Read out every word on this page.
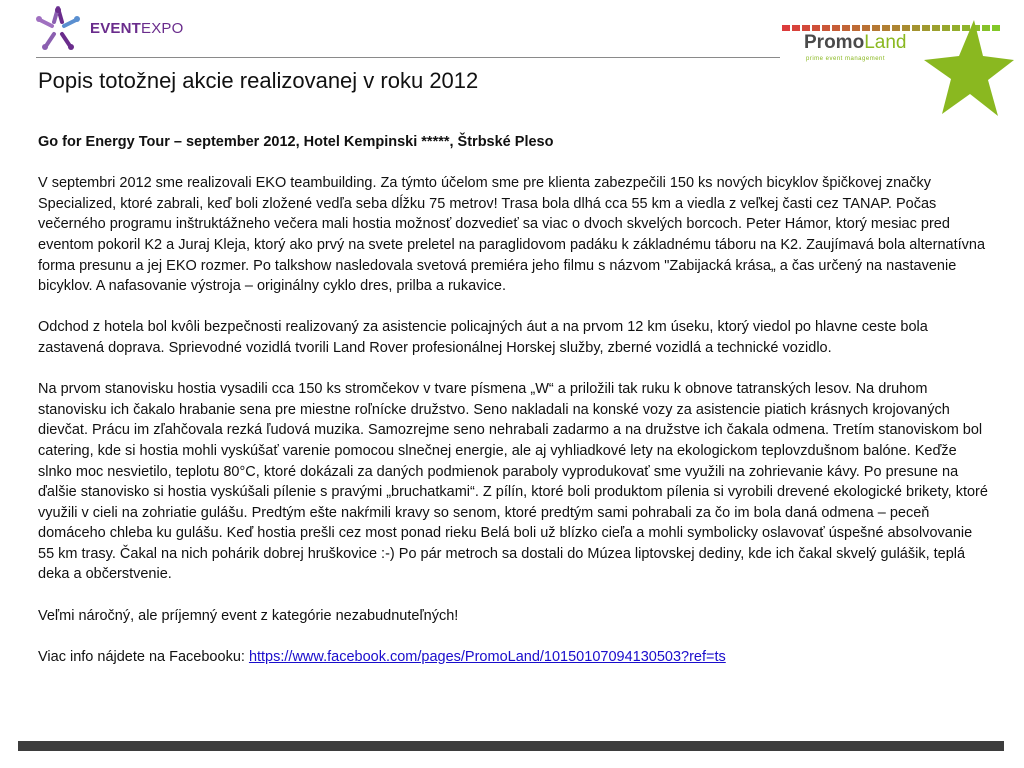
EVENTEXPO
PromoLand
prime event management
Popis totožnej akcie realizovanej v roku 2012

Go for Energy Tour – september 2012, Hotel Kempinski *****, Štrbské Pleso

V septembri 2012 sme realizovali EKO teambuilding. Za týmto účelom sme pre klienta zabezpečili 150 ks nových bicyklov špičkovej značky Specialized, ktoré zabrali, keď boli zložené vedľa seba dĺžku 75 metrov! Trasa bola dlhá cca 55 km a viedla z veľkej časti cez TANAP. Počas večerného programu inštruktážneho večera mali hostia možnosť dozvedieť sa viac o dvoch skvelých borcoch. Peter Hámor, ktorý mesiac pred eventom pokoril K2 a Juraj Kleja, ktorý ako prvý na svete preletel na paraglidovom padáku k základnému táboru na K2. Zaujímavá bola alternatívna forma presunu a jej EKO rozmer. Po talkshow nasledovala svetová premiéra jeho filmu s názvom "Zabijacká krása„ a čas určený na nastavenie bicyklov. A nafasovanie výstroja – originálny cyklo dres, prilba a rukavice.

Odchod z hotela bol kvôli bezpečnosti realizovaný za asistencie policajných áut a na prvom 12 km úseku, ktorý viedol po hlavne ceste bola zastavená doprava. Sprievodné vozidlá tvorili Land Rover profesionálnej Horskej služby, zberné vozidlá a technické vozidlo.

Na prvom stanovisku hostia vysadili cca 150 ks stromčekov v tvare písmena „W“ a priložili tak ruku k obnove tatranských lesov. Na druhom stanovisku ich čakalo hrabanie sena pre miestne roľnícke družstvo. Seno nakladali na konské vozy za asistencie piatich krásnych krojovaných dievčat. Prácu im zľahčovala rezká ľudová muzika. Samozrejme seno nehrabali zadarmo a na družstve ich čakala odmena. Tretím stanoviskom bol catering, kde si hostia mohli vyskúšať varenie pomocou slnečnej energie, ale aj vyhliadkové lety na ekologickom teplovzdušnom balóne. Keďže slnko moc nesvietilo, teplotu 80°C, ktoré dokázali za daných podmienok paraboly vyprodukovať sme využili na zohrievanie kávy. Po presune na ďalšie stanovisko si hostia vyskúšali pílenie s pravými „bruchatkami“. Z pílín, ktoré boli produktom pílenia si vyrobili drevené ekologické brikety, ktoré využili v cieli na zohriatie gulášu. Predtým ešte nakŕmili kravy so senom, ktoré predtým sami pohrabali za čo im bola daná odmena – peceň domáceho chleba ku gulášu. Keď hostia prešli cez most ponad rieku Belá boli už blízko cieľa a mohli symbolicky oslavovať úspešné absolvovanie 55 km trasy. Čakal na nich pohárik dobrej hruškovice :-) Po pár metroch sa dostali do Múzea liptovskej dediny, kde ich čakal skvelý gulášik, teplá deka a občerstvenie.

Veľmi náročný, ale príjemný event z kategórie nezabudnuteľných!

Viac info nájdete na Facebooku: https://www.facebook.com/pages/PromoLand/10150107094130503?ref=ts
